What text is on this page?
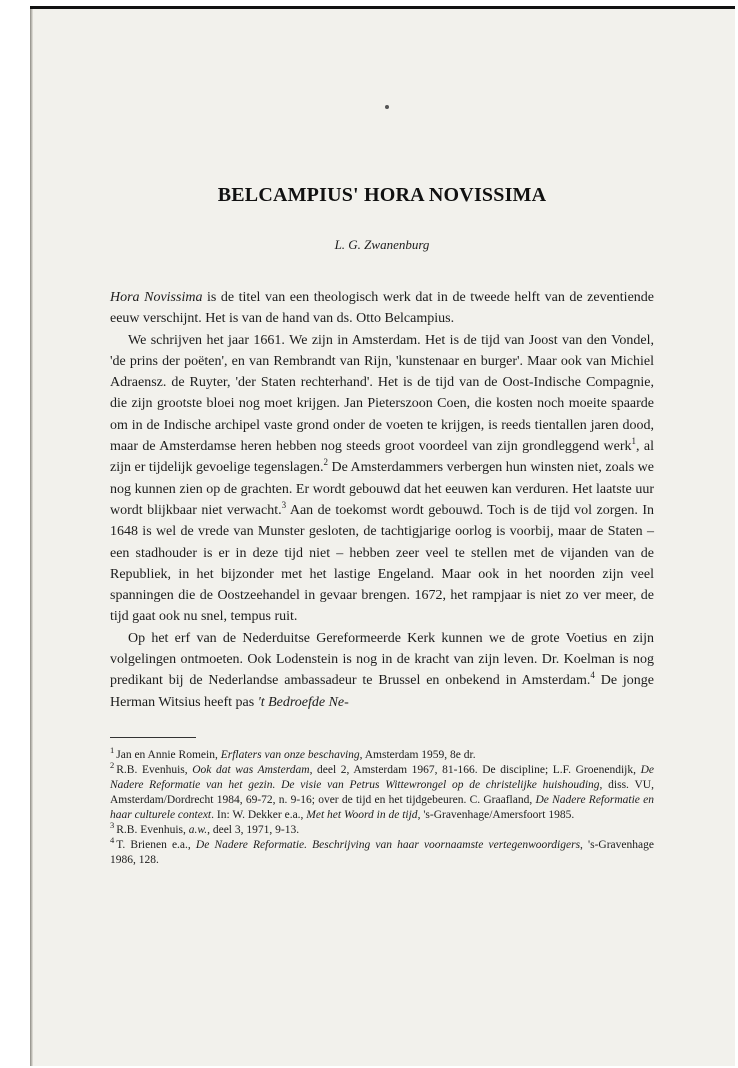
BELCAMPIUS' HORA NOVISSIMA
L. G. Zwanenburg

Hora Novissima is de titel van een theologisch werk dat in de tweede helft van de zeventiende eeuw verschijnt. Het is van de hand van ds. Otto Belcampius.

We schrijven het jaar 1661. We zijn in Amsterdam. Het is de tijd van Joost van den Vondel, 'de prins der poëten', en van Rembrandt van Rijn, 'kunstenaar en burger'. Maar ook van Michiel Adraensz. de Ruyter, 'der Staten rechterhand'. Het is de tijd van de Oost-Indische Compagnie, die zijn grootste bloei nog moet krijgen. Jan Pieterszoon Coen, die kosten noch moeite spaarde om in de Indische archipel vaste grond onder de voeten te krijgen, is reeds tientallen jaren dood, maar de Amsterdamse heren hebben nog steeds groot voordeel van zijn grondleggend werk$^1$, al zijn er tijdelijk gevoelige tegenslagen.$^2$ De Amsterdammers verbergen hun winsten niet, zoals we nog kunnen zien op de grachten. Er wordt gebouwd dat het eeuwen kan verduren. Het laatste uur wordt blijkbaar niet verwacht.$^3$ Aan de toekomst wordt gebouwd. Toch is de tijd vol zorgen. In 1648 is wel de vrede van Munster gesloten, de tachtigjarige oorlog is voorbij, maar de Staten – een stadhouder is er in deze tijd niet – hebben zeer veel te stellen met de vijanden van de Republiek, in het bijzonder met het lastige Engeland. Maar ook in het noorden zijn veel spanningen die de Oostzeehandel in gevaar brengen. 1672, het rampjaar is niet zo ver meer, de tijd gaat ook nu snel, tempus ruit.

Op het erf van de Nederduitse Gereformeerde Kerk kunnen we de grote Voetius en zijn volgelingen ontmoeten. Ook Lodenstein is nog in de kracht van zijn leven. Dr. Koelman is nog predikant bij de Nederlandse ambassadeur te Brussel en onbekend in Amsterdam.$^4$ De jonge Herman Witsius heeft pas 't Bedroefde Ne-

$^1$ Jan en Annie Romein, Erflaters van onze beschaving, Amsterdam 1959, 8e dr.
$^2$ R.B. Evenhuis, Ook dat was Amsterdam, deel 2, Amsterdam 1967, 81-166. De discipline; L.F. Groenendijk, De Nadere Reformatie van het gezin. De visie van Petrus Wittewrongel op de christelijke huishouding, diss. VU, Amsterdam/Dordrecht 1984, 69-72, n. 9-16; over de tijd en het tijdgebeuren. C. Graafland, De Nadere Reformatie en haar culturele context. In: W. Dekker e.a., Met het Woord in de tijd, 's-Gravenhage/Amersfoort 1985.
$^3$ R.B. Evenhuis, a.w., deel 3, 1971, 9-13.
$^4$ T. Brienen e.a., De Nadere Reformatie. Beschrijving van haar voornaamste vertegenwoordigers, 's-Gravenhage 1986, 128.
